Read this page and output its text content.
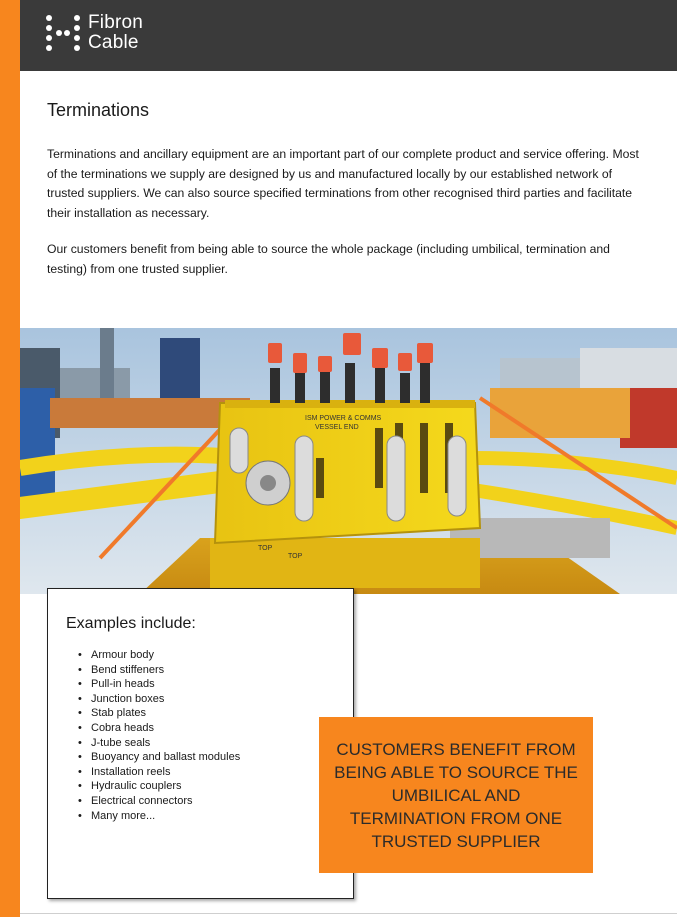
Fibron
Cable
Terminations

Terminations and ancillary equipment are an important part of our complete product and service offering. Most of the terminations we supply are designed by us and manufactured locally by our established network of trusted suppliers. We can also source specified terminations from other recognised third parties and facilitate their installation as necessary.

Our customers benefit from being able to source the whole package (including umbilical, termination and testing) from one trusted supplier.

ISM POWER & COMMS
VESSEL END
TOP
TOP
Examples include:
• Armour body
• Bend stiffeners
• Pull-in heads
• Junction boxes
• Stab plates
• Cobra heads
• J-tube seals
• Buoyancy and ballast modules
• Installation reels
• Hydraulic couplers
• Electrical connectors
• Many more...

CUSTOMERS BENEFIT FROM BEING ABLE TO SOURCE THE UMBILICAL AND TERMINATION FROM ONE TRUSTED SUPPLIER
